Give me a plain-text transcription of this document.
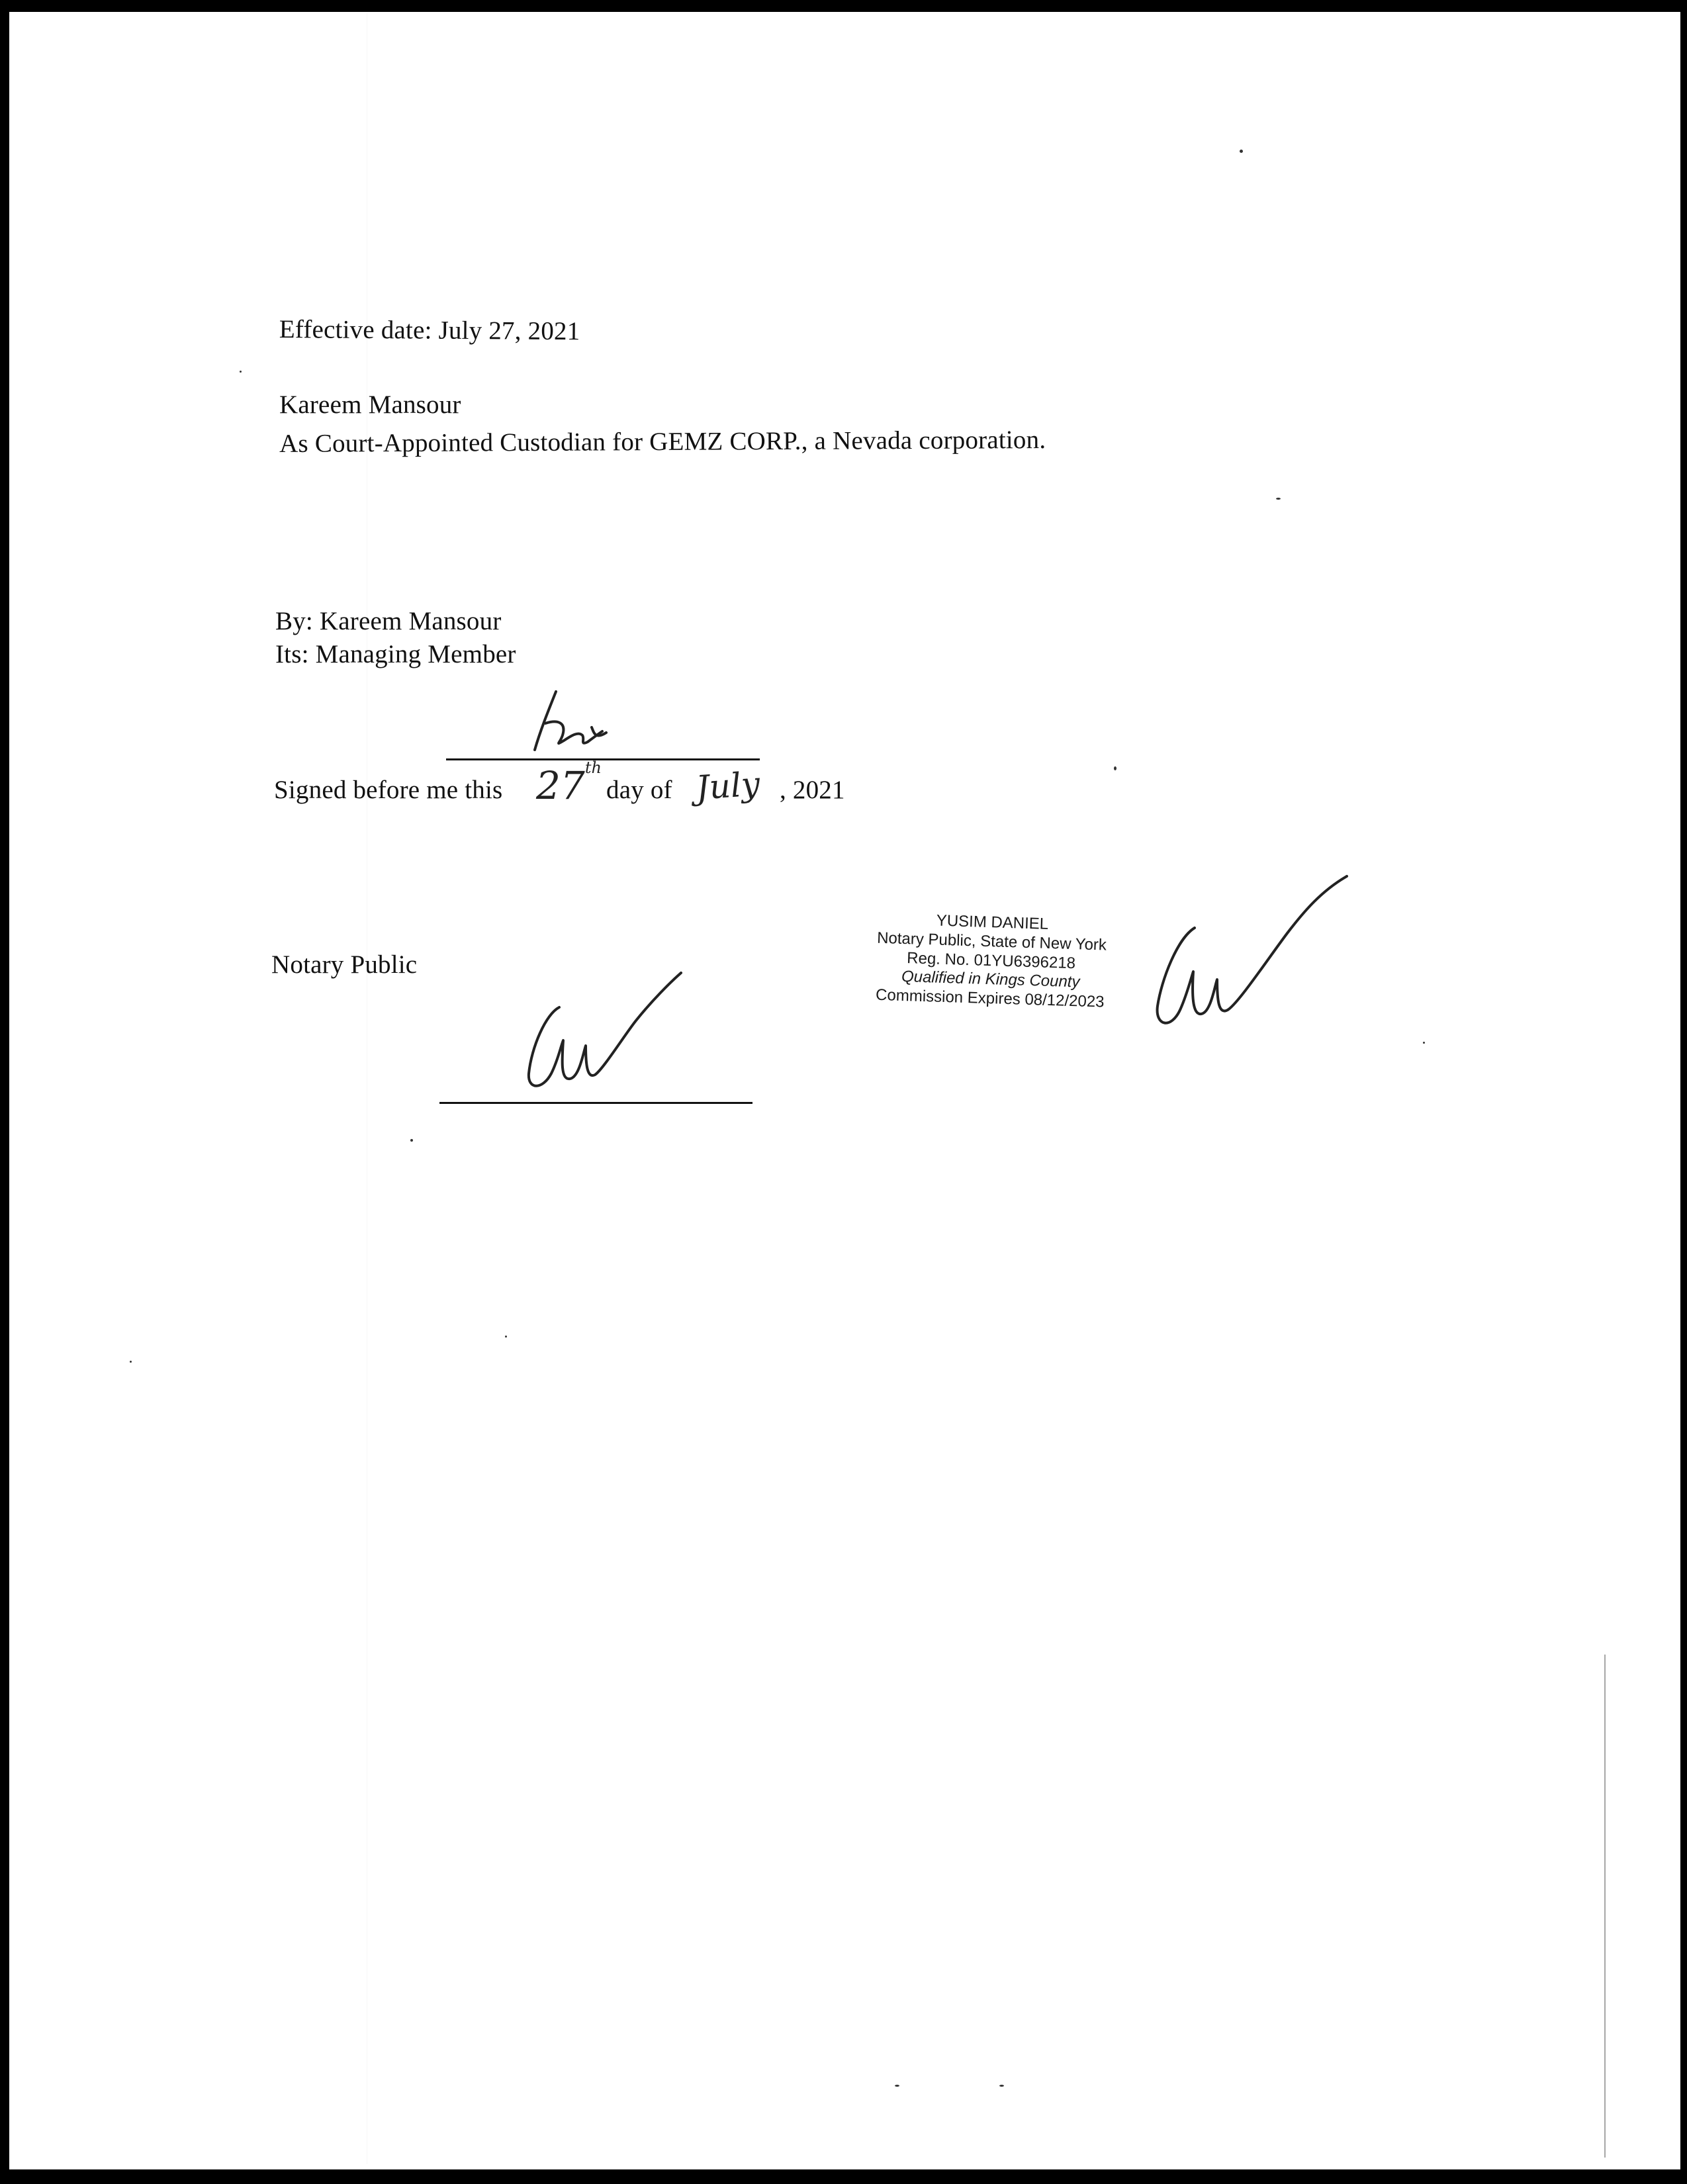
Effective date: July 27, 2021
Kareem Mansour
As Court-Appointed Custodian for GEMZ CORP., a Nevada corporation.
By: Kareem Mansour
Its: Managing Member
Signed before me this 27th
day of July , 2021
Notary Public
YUSIM DANIEL
Notary Public, State of New York
Reg. No. 01YU6396218
Qualified in Kings County
Commission Expires 08/12/2023
